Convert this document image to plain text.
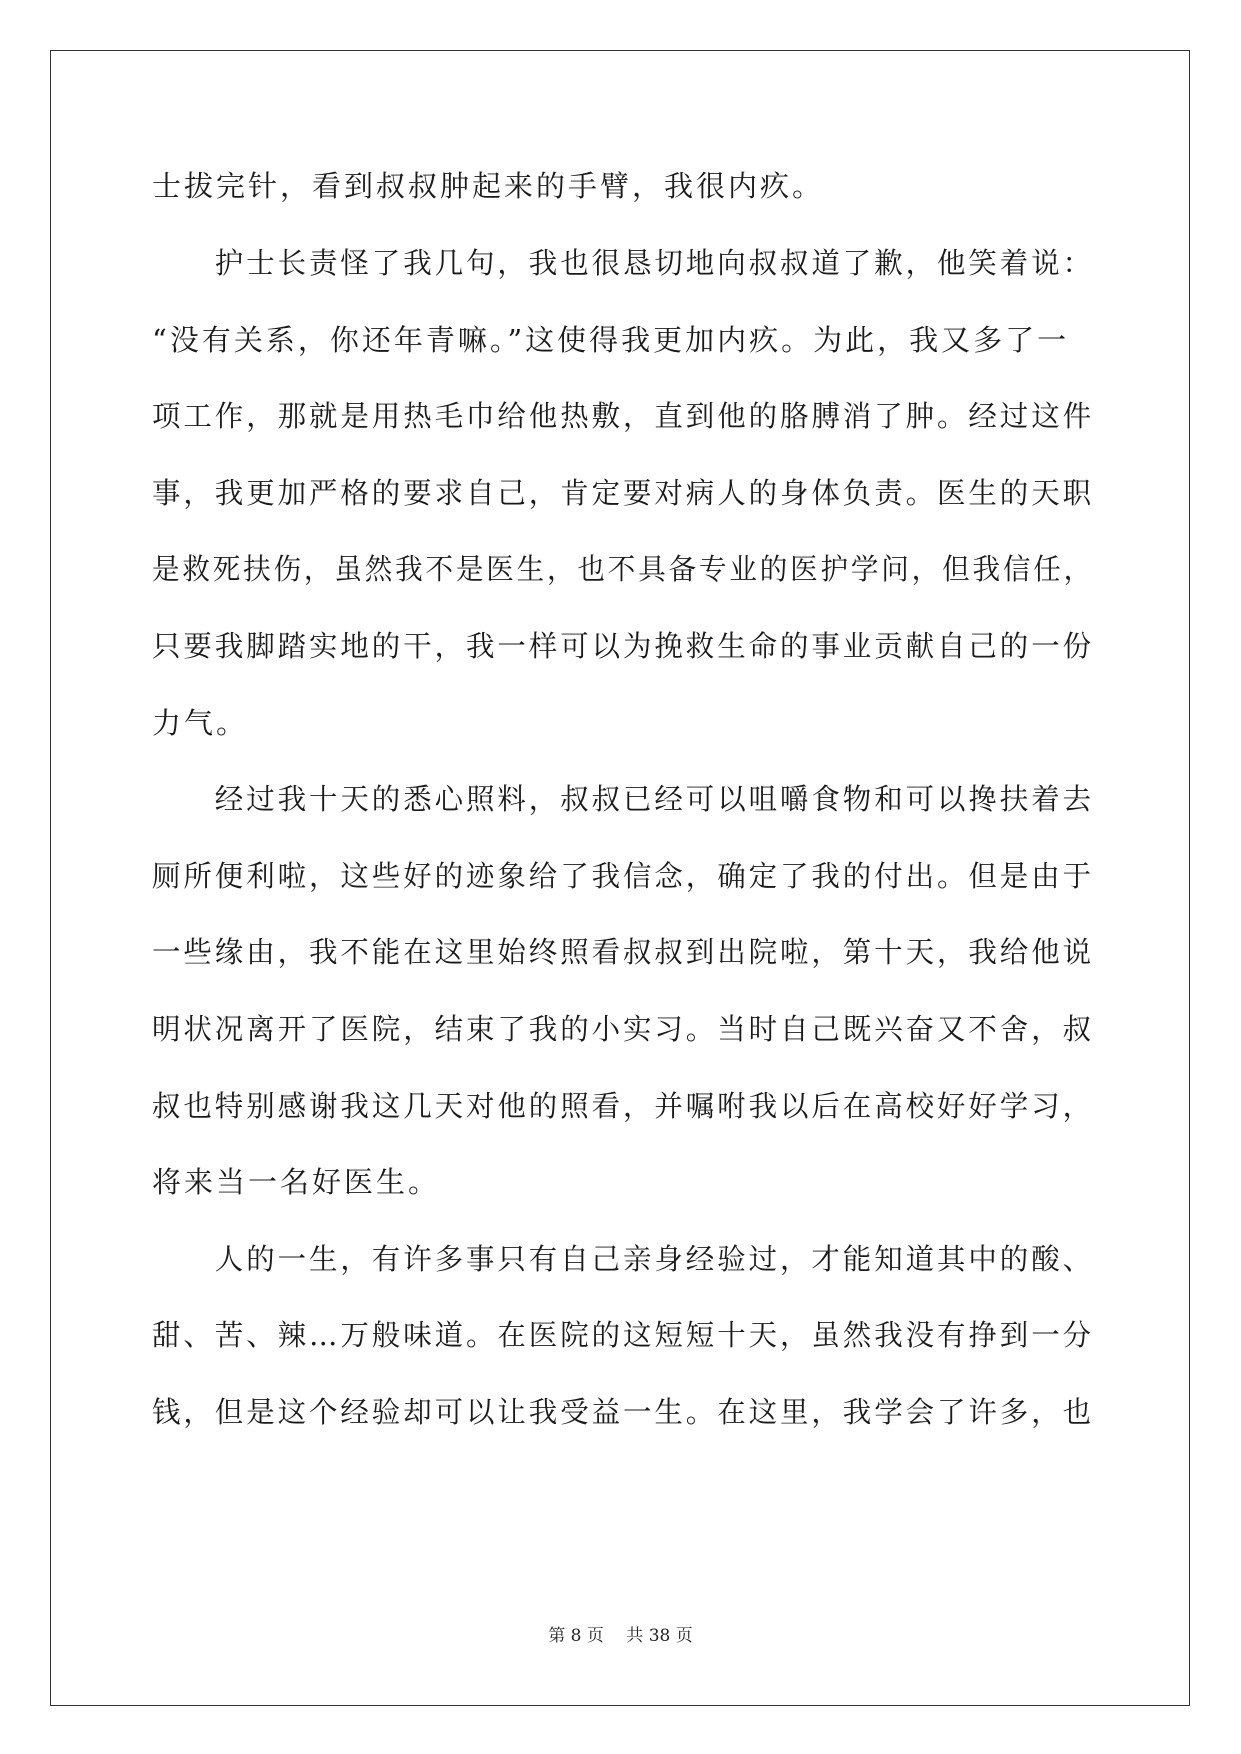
士拔完针，看到叔叔肿起来的手臂，我很内疚。
　　护士长责怪了我几句，我也很恳切地向叔叔道了歉，他笑着说：
“没有关系，你还年青嘛。”这使得我更加内疚。为此，我又多了一
项工作，那就是用热毛巾给他热敷，直到他的胳膊消了肿。经过这件
事，我更加严格的要求自己，肯定要对病人的身体负责。医生的天职
是救死扶伤，虽然我不是医生，也不具备专业的医护学问，但我信任，
只要我脚踏实地的干，我一样可以为挽救生命的事业贡献自己的一份
力气。
　　经过我十天的悉心照料，叔叔已经可以咀嚼食物和可以搀扶着去
厕所便利啦，这些好的迹象给了我信念，确定了我的付出。但是由于
一些缘由，我不能在这里始终照看叔叔到出院啦，第十天，我给他说
明状况离开了医院，结束了我的小实习。当时自己既兴奋又不舍，叔
叔也特别感谢我这几天对他的照看，并嘱咐我以后在高校好好学习，
将来当一名好医生。
　　人的一生，有许多事只有自己亲身经验过，才能知道其中的酸、
甜、苦、辣…万般味道。在医院的这短短十天，虽然我没有挣到一分
钱，但是这个经验却可以让我受益一生。在这里，我学会了许多，也
第 8 页　 共 38 页
